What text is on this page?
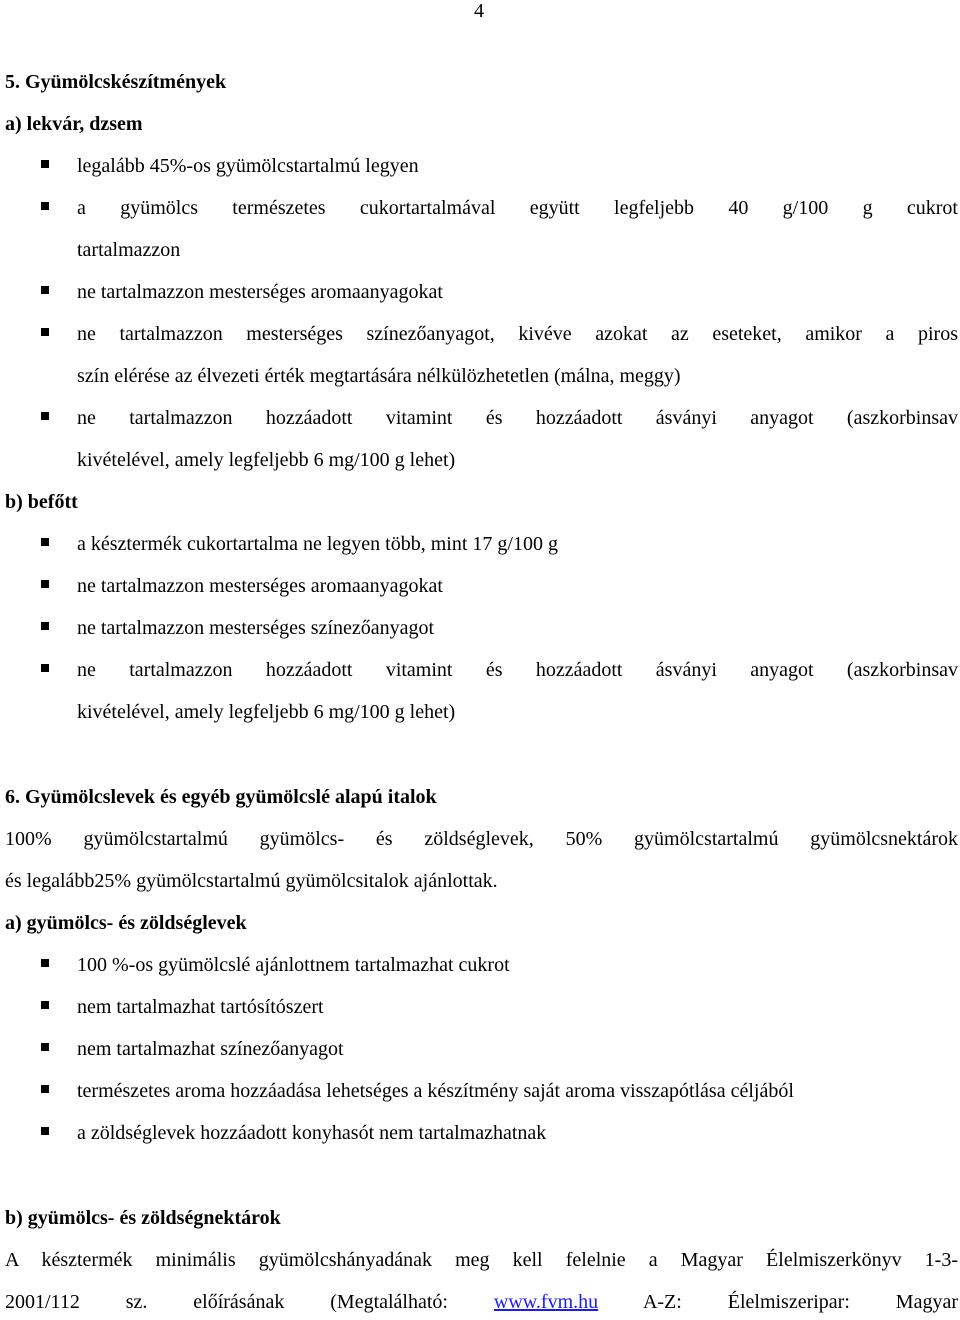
4
5. Gyümölcskészítmények
a) lekvár, dzsem
legalább 45%-os gyümölcstartalmú legyen
a gyümölcs természetes cukortartalmával együtt legfeljebb 40 g/100 g cukrot
tartalmazzon
ne tartalmazzon mesterséges aromaanyagokat
ne tartalmazzon mesterséges színezőanyagot, kivéve azokat az eseteket, amikor a piros
szín elérése az élvezeti érték megtartására nélkülözhetetlen (málna, meggy)
ne tartalmazzon hozzáadott vitamint és hozzáadott ásványi anyagot (aszkorbinsav
kivételével, amely legfeljebb 6 mg/100 g lehet)
b) befőtt
a késztermék cukortartalma ne legyen több, mint 17 g/100 g
ne tartalmazzon mesterséges aromaanyagokat
ne tartalmazzon mesterséges színezőanyagot
ne tartalmazzon hozzáadott vitamint és hozzáadott ásványi anyagot (aszkorbinsav
kivételével, amely legfeljebb 6 mg/100 g lehet)
6. Gyümölcslevek és egyéb gyümölcslé alapú italok
100% gyümölcstartalmú gyümölcs- és zöldséglevek, 50% gyümölcstartalmú gyümölcsnektárok
és legalább25% gyümölcstartalmú gyümölcsitalok ajánlottak.
a) gyümölcs- és zöldséglevek
100 %-os gyümölcslé ajánlottnem tartalmazhat cukrot
nem tartalmazhat tartósítószert
nem tartalmazhat színezőanyagot
természetes aroma hozzáadása lehetséges a készítmény saját aroma visszapótlása céljából
a zöldséglevek hozzáadott konyhasót nem tartalmazhatnak
b) gyümölcs- és zöldségnektárok
A késztermék minimális gyümölcshányadának meg kell felelnie a Magyar Élelmiszerkönyv 1-3-
2001/112 sz. előírásának (Megtalálható: www.fvm.hu A-Z: Élelmiszeripar: Magyar
